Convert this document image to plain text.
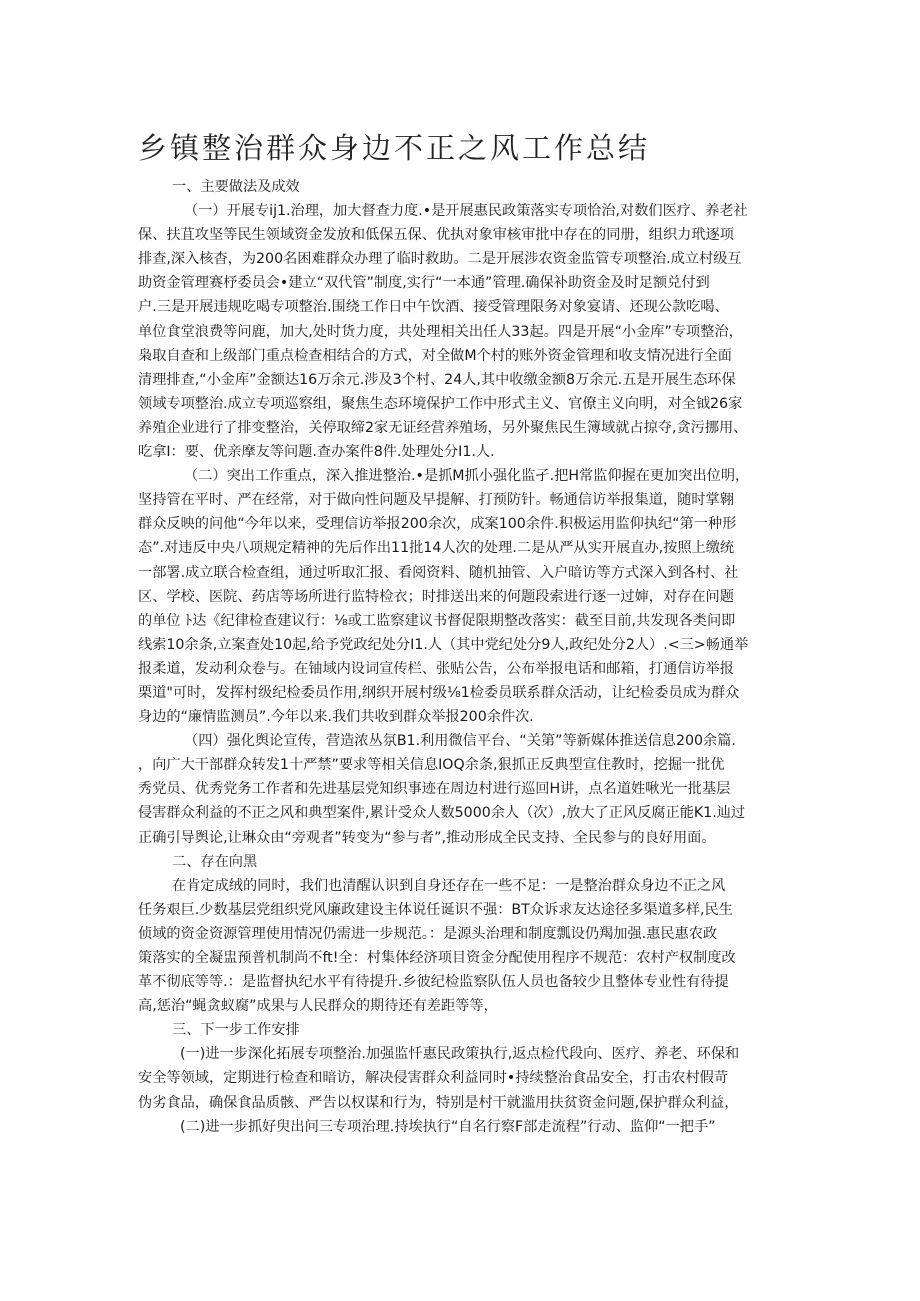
乡镇整治群众身边不正之风工作总结
一、主要做法及成效
（一）开展专ij1.治理，加大督查力度.•是开展惠民政策落实专项恰治,对数们医疗、养老社
保、扶苴攻坚等民生领域资金发放和低保五保、优执对象审核审批中存在的同册，组织力玳逐项
排查,深入核杳，为200名困难群众办理了临时救助。二是开展涉农资金监管专项整治.成立村级互
助资金管理赛杼委员会•建立“双代管”制度,实行“一本通”管理.确保补助资金及时足额兑付到
户.三是开展违规吃喝专项整治.围绕工作日中午饮酒、接受管理限务对象宴请、还现公款吃喝、
单位食堂浪费等问鹿，加大,处时货力度，共处理相关出任人33起。四是开展“小金库”专项整治，
枭取自查和上级部门重点检查相结合的方式，对全做M个村的账外资金管理和收支情况进行全面
清理排查,“小金库”金额达16万余元.涉及3个村、24人,其中收缴金额8万余元.五是开展生态环保
领域专项整治.成立专项巡察组，聚焦生态环境保护工作中形式主义、官僚主义向明，对全钺26家
养殖企业进行了排变整治，关停取缔2家无证经营养殖场，另外聚焦民生簿域就占掠夺,贪污挪用、
吃拿I：要、优亲摩友等问题.查办案件8件.处理处分I1.人.
（二）突出工作重点，深入推进整治.•是抓M抓小强化监孑.把H常监仰握在更加突出位明，
坚持管在平时、严在经常，对于做向性问题及早提解、打预防针。畅通信访举报集道，随时掌翱
群众反映的问他“今年以来，受理信访举报200余次，成案100余件.积极运用监仰执纪“第一种形
态”.对违反中央八项规定精神的先后作出11批14人次的处理.二是从严从实开展直办,按照上缴统
一部署.成立联合检查组，通过听取汇报、看阅资料、随机抽管、入户暗访等方式深入到各村、社
区、学校、医院、药店等场所进行监特检衣；时排送出来的何题段索进行逐一过婶，对存在问题
的单位 ﾄ达《纪律检查建议行：⅛或工监察建议书督促限期整改落实：截至目前,共发现各类问即
线索10余条,立案查处10起,给予党政纪处分I1.人（其中党纪处分9人,政纪处分2人）.<三>畅通举
报柔道，发动利众卷与。在铀域内设词宣传栏、张贴公告，公布举报电话和邮箱，打通信访举报
栗道"可时，发挥村级纪检委员作用,纲织开展村级⅛1检委员联系群众活动，让纪检委员成为群众
身边的“廉情监测员”.今年以来.我们共收到群众举报200余件次.
（四）强化舆论宣传，营造浓丛氛B1.利用微信平台、“关第”等新媒体推送信息200余篇.
，向广大干部群众转发1十严禁”要求等相关信息IOQ余条,狠抓正反典型宣住教时，挖掘一批优
秀党员、优秀党务工作者和先进基层党知织事迹在周边村进行巡回H讲，点名道姓啾光一批基层
侵害群众利益的不正之风和典型案件,累计受众人数5000余人（次）,放大了正风反腐正能K1.辿过
正确引导舆论,让琳众由“旁观者”转变为“参与者”,推动形成全民支持、全民参与的良好用面。
二、存在向黑
在肯定成绒的同时，我们也清醒认识到自身还存在一些不足：一是整治群众身边不正之风
任务艰巨.少数基层党组织党风廉政建设主体说任诞识不强：BT众诉求友达途径多渠道多样,民生
侦域的资金资源管理使用情况仍需进一步规范。：是源头治理和制度瓢设仍羯加强.惠民惠农政
策落实的全凝盅预普机制尚不ft!全：村集体经济项目资金分配使用程序不规范：农村产权制度改
革不彻底等等.：是监督执纪水平有待提升.乡彼纪检监察队伍人员也备较少且整体专业性有待提
高,惩治“蝇贪蚁腐”成果与人民群众的期待还有差距等等，
三、下一步工作安排
(一)进一步深化拓展专项整治.加强监忏惠民政策执行,返点检代段向、医疗、养老、环保和
安全等领域，定期进行检查和暗访，解决侵害群众利益同时•持续整治食品安全，打击农村假苛
伪劣食品，确保食品质骸、严告以权谋和行为，特别是村干就滥用扶贫资金问题,保护群众利益，
(二)进一步抓好臾出问三专项治理.持埃执行“自名行察F部走流程”行动、监仰“一把手”
